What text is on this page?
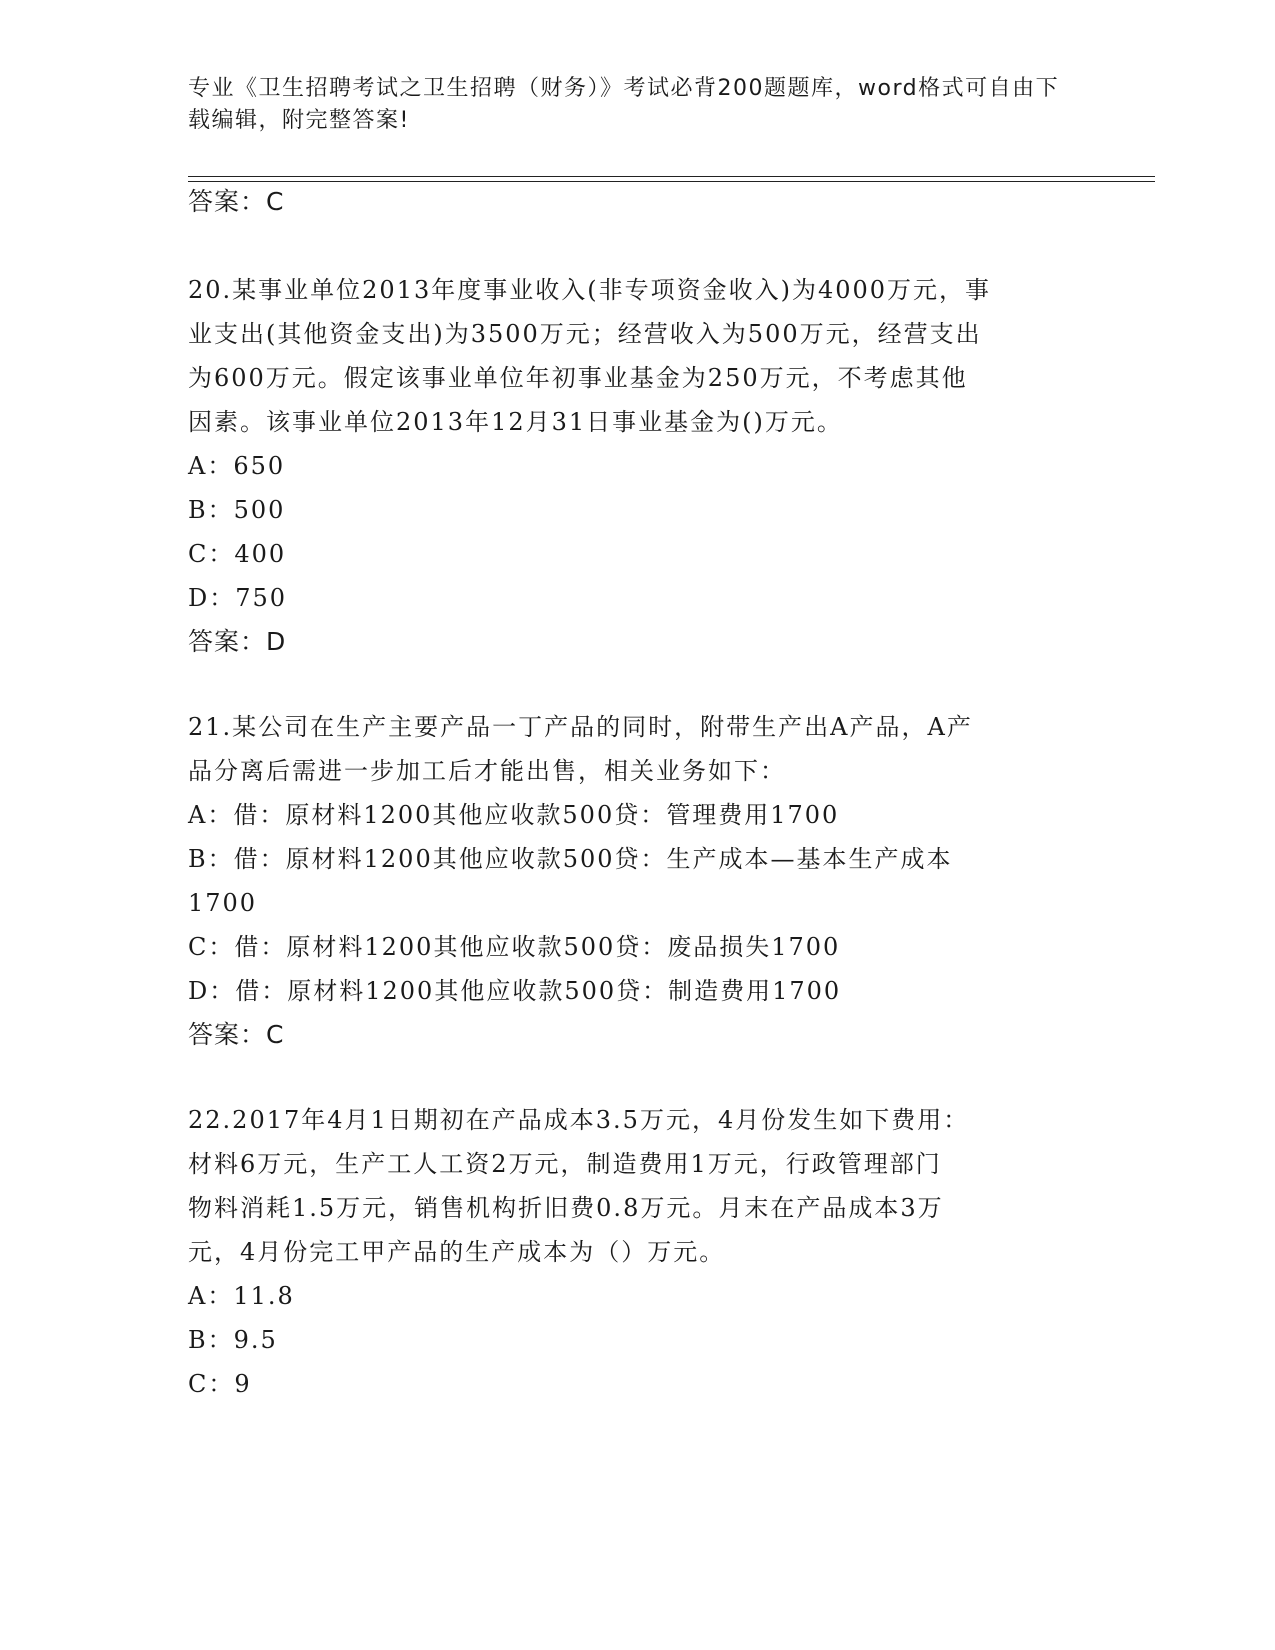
专业《卫生招聘考试之卫生招聘（财务）》考试必背200题题库，word格式可自由下载编辑，附完整答案!
答案：C
20.某事业单位2013年度事业收入(非专项资金收入)为4000万元，事
业支出(其他资金支出)为3500万元；经营收入为500万元，经营支出
为600万元。假定该事业单位年初事业基金为250万元，不考虑其他
因素。该事业单位2013年12月31日事业基金为()万元。
A：650
B：500
C：400
D：750
答案：D
21.某公司在生产主要产品一丁产品的同时，附带生产出A产品，A产
品分离后需进一步加工后才能出售，相关业务如下：
A：借：原材料1200其他应收款500贷：管理费用1700
B：借：原材料1200其他应收款500贷：生产成本—基本生产成本
1700
C：借：原材料1200其他应收款500贷：废品损失1700
D：借：原材料1200其他应收款500贷：制造费用1700
答案：C
22.2017年4月1日期初在产品成本3.5万元，4月份发生如下费用：
材料6万元，生产工人工资2万元，制造费用1万元，行政管理部门
物料消耗1.5万元，销售机构折旧费0.8万元。月末在产品成本3万
元，4月份完工甲产品的生产成本为（）万元。
A：11.8
B：9.5
C：9
